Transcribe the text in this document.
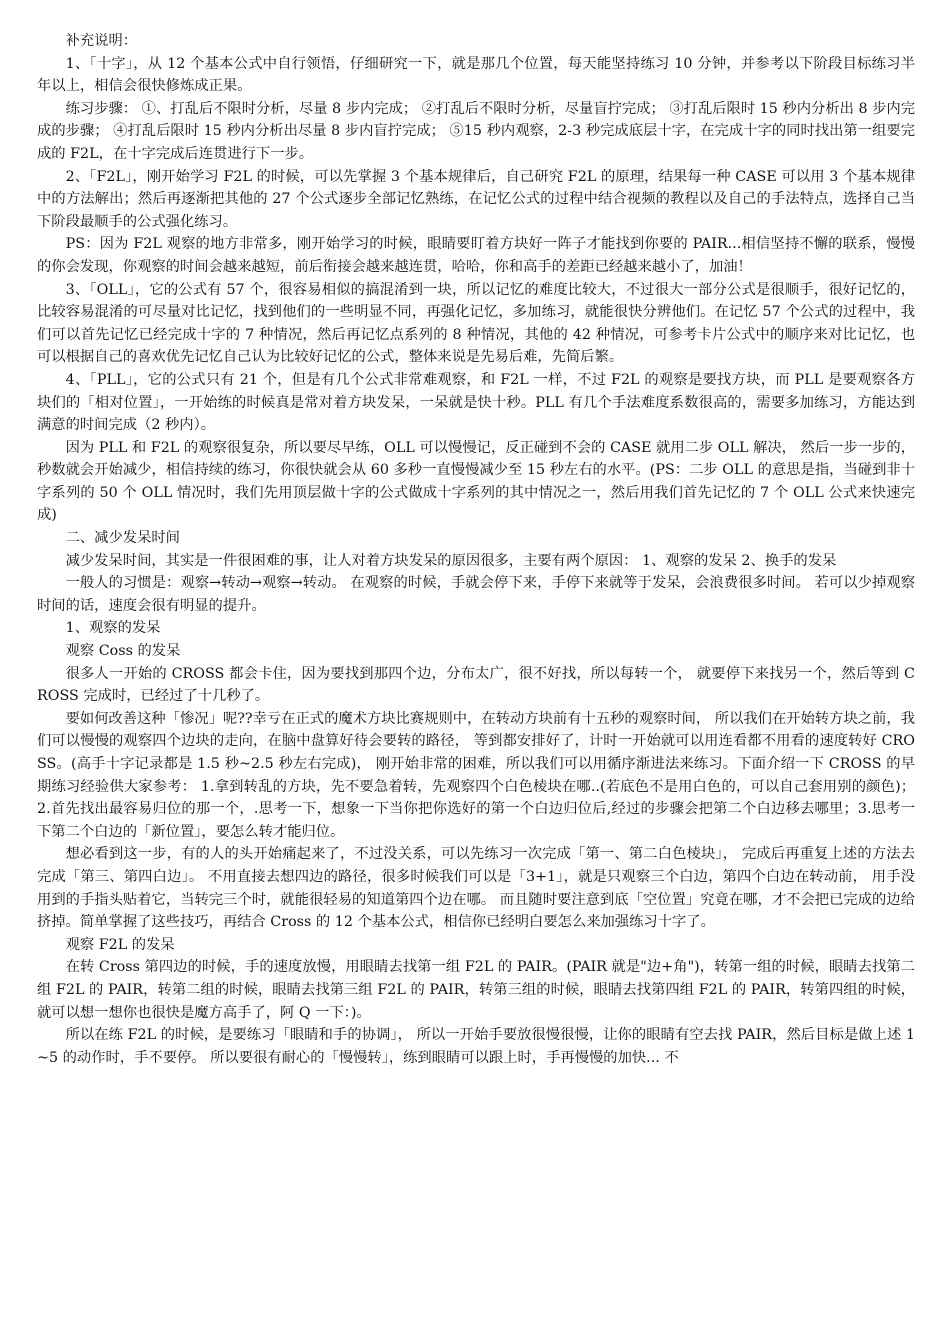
补充说明：

1、「十字」，从 12 个基本公式中自行领悟，仔细研究一下，就是那几个位置，每天能坚持练习 10 分钟，并参考以下阶段目标练习半年以上，相信会很快修炼成正果。

练习步骤： ①、打乱后不限时分析，尽量 8 步内完成； ②打乱后不限时分析，尽量盲拧完成； ③打乱后限时 15 秒内分析出 8 步内完成的步骤； ④打乱后限时 15 秒内分析出尽量 8 步内盲拧完成； ⑤15 秒内观察，2-3 秒完成底层十字，在完成十字的同时找出第一组要完成的 F2L，在十字完成后连贯进行下一步。

2、「F2L」，刚开始学习 F2L 的时候，可以先掌握 3 个基本规律后，自己研究 F2L 的原理，结果每一种 CASE 可以用 3 个基本规律中的方法解出；然后再逐渐把其他的 27 个公式逐步全部记忆熟练，在记忆公式的过程中结合视频的教程以及自己的手法特点，选择自己当下阶段最顺手的公式强化练习。

PS：因为 F2L 观察的地方非常多，刚开始学习的时候，眼睛要盯着方块好一阵子才能找到你要的 PAIR...相信坚持不懈的联系，慢慢的你会发现，你观察的时间会越来越短，前后衔接会越来越连贯，哈哈，你和高手的差距已经越来越小了，加油！

3、「OLL」，它的公式有 57 个，很容易相似的搞混淆到一块，所以记忆的难度比较大，不过很大一部分公式是很顺手，很好记忆的，比较容易混淆的可尽量对比记忆，找到他们的一些明显不同，再强化记忆，多加练习，就能很快分辨他们。在记忆 57 个公式的过程中，我们可以首先记忆已经完成十字的 7 种情况，然后再记忆点系列的 8 种情况，其他的 42 种情况，可参考卡片公式中的顺序来对比记忆，也可以根据自己的喜欢优先记忆自己认为比较好记忆的公式，整体来说是先易后难，先简后繁。

4、「PLL」，它的公式只有 21 个，但是有几个公式非常难观察，和 F2L 一样，不过 F2L 的观察是要找方块，而 PLL 是要观察各方块们的「相对位置」，一开始练的时候真是常对着方块发呆，一呆就是快十秒。PLL 有几个手法难度系数很高的，需要多加练习，方能达到满意的时间完成（2 秒内）。

因为 PLL 和 F2L 的观察很复杂，所以要尽早练，OLL 可以慢慢记，反正碰到不会的 CASE 就用二步 OLL 解决， 然后一步一步的，秒数就会开始减少，相信持续的练习，你很快就会从 60 多秒一直慢慢减少至 15 秒左右的水平。(PS：二步 OLL 的意思是指，当碰到非十字系列的 50 个 OLL 情况时，我们先用顶层做十字的公式做成十字系列的其中情况之一，然后用我们首先记忆的 7 个 OLL 公式来快速完成)

二、减少发呆时间

减少发呆时间，其实是一件很困难的事，让人对着方块发呆的原因很多，主要有两个原因： 1、观察的发呆 2、换手的发呆

一般人的习惯是：观察→转动→观察→转动。 在观察的时候，手就会停下来，手停下来就等于发呆，会浪费很多时间。 若可以少掉观察时间的话，速度会很有明显的提升。

1、观察的发呆

观察 Coss 的发呆

很多人一开始的 CROSS 都会卡住，因为要找到那四个边，分布太广，很不好找，所以每转一个， 就要停下来找另一个，然后等到 CROSS 完成时，已经过了十几秒了。

要如何改善这种「惨况」呢??幸亏在正式的魔术方块比赛规则中，在转动方块前有十五秒的观察时间， 所以我们在开始转方块之前，我们可以慢慢的观察四个边块的走向，在脑中盘算好待会要转的路径， 等到都安排好了，计时一开始就可以用连看都不用看的速度转好 CROSS。(高手十字记录都是 1.5 秒~2.5 秒左右完成)， 刚开始非常的困难，所以我们可以用循序渐进法来练习。下面介绍一下 CROSS 的早期练习经验供大家参考： 1.拿到转乱的方块，先不要急着转，先观察四个白色棱块在哪..(若底色不是用白色的，可以自己套用别的颜色)； 2.首先找出最容易归位的那一个，.思考一下，想象一下当你把你选好的第一个白边归位后,经过的步骤会把第二个白边移去哪里；3.思考一下第二个白边的「新位置」，要怎么转才能归位。

想必看到这一步，有的人的头开始痛起来了，不过没关系，可以先练习一次完成「第一、第二白色棱块」， 完成后再重复上述的方法去完成「第三、第四白边」。 不用直接去想四边的路径，很多时候我们可以是「3+1」，就是只观察三个白边，第四个白边在转动前， 用手没用到的手指头贴着它，当转完三个时，就能很轻易的知道第四个边在哪。 而且随时要注意到底「空位置」究竟在哪，才不会把已完成的边给挤掉。简单掌握了这些技巧，再结合 Cross 的 12 个基本公式，相信你已经明白要怎么来加强练习十字了。

观察 F2L 的发呆

在转 Cross 第四边的时候，手的速度放慢，用眼睛去找第一组 F2L 的 PAIR。(PAIR 就是"边+角")，转第一组的时候，眼睛去找第二组 F2L 的 PAIR，转第二组的时候，眼睛去找第三组 F2L 的 PAIR，转第三组的时候，眼睛去找第四组 F2L 的 PAIR，转第四组的时候，就可以想一想你也很快是魔方高手了，阿 Q 一下：)。

所以在练 F2L 的时候，是要练习「眼睛和手的协调」， 所以一开始手要放很慢很慢，让你的眼睛有空去找 PAIR，然后目标是做上述 1~5 的动作时，手不要停。 所以要很有耐心的「慢慢转」，练到眼睛可以跟上时，手再慢慢的加快... 不
